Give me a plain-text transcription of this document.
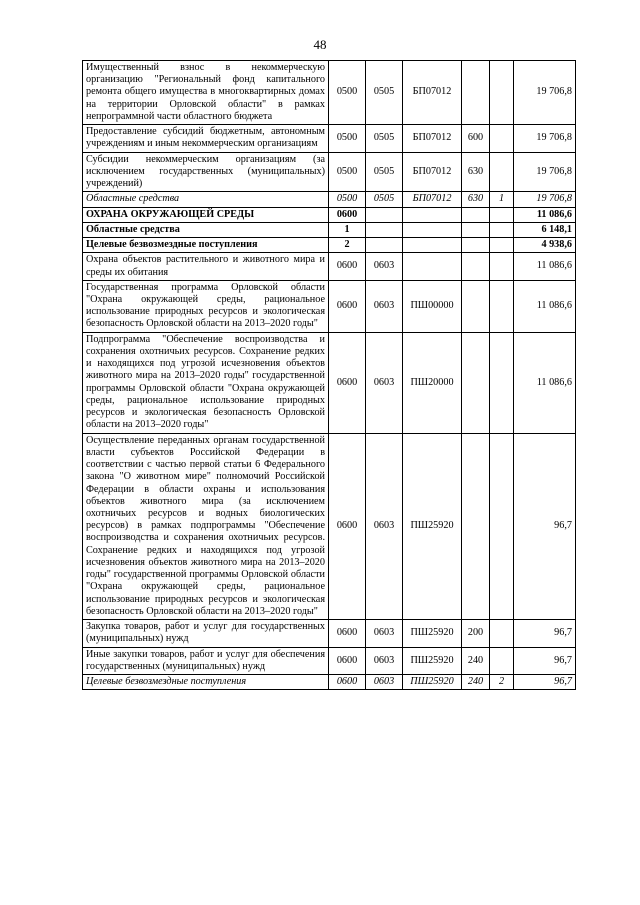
48
Имущественный взнос в некоммерческую организацию "Региональный фонд капитального ремонта общего имущества в многоквартирных домах на территории Орловской области" в рамках непрограммной части областного бюджета	0500	0505	БП07012			19 706,8
Предоставление субсидий бюджетным, автономным учреждениям и иным некоммерческим организациям	0500	0505	БП07012	600		19 706,8
Субсидии некоммерческим организациям (за исключением государственных (муниципальных) учреждений)	0500	0505	БП07012	630		19 706,8
Областные средства	0500	0505	БП07012	630	1	19 706,8
ОХРАНА ОКРУЖАЮЩЕЙ СРЕДЫ	0600					11 086,6
Областные средства	1					6 148,1
Целевые безвозмездные поступления	2					4 938,6
Охрана объектов растительного и животного мира и среды их обитания	0600	0603				11 086,6
Государственная программа Орловской области "Охрана окружающей среды, рациональное использование природных ресурсов и экологическая безопасность Орловской области на 2013–2020 годы"	0600	0603	ПШ00000			11 086,6
Подпрограмма "Обеспечение воспроизводства и сохранения охотничьих ресурсов. Сохранение редких и находящихся под угрозой исчезновения объектов животного мира на 2013–2020 годы" государственной программы Орловской области "Охрана окружающей среды, рациональное использование природных ресурсов и экологическая безопасность Орловской области на 2013–2020 годы"	0600	0603	ПШ20000			11 086,6
Осуществление переданных органам государственной власти субъектов Российской Федерации в соответствии с частью первой статьи 6 Федерального закона "О животном мире" полномочий Российской Федерации в области охраны и использования объектов животного мира (за исключением охотничьих ресурсов и водных биологических ресурсов) в рамках подпрограммы "Обеспечение воспроизводства и сохранения охотничьих ресурсов. Сохранение редких и находящихся под угрозой исчезновения объектов животного мира на 2013–2020 годы" государственной программы Орловской области "Охрана окружающей среды, рациональное использование природных ресурсов и экологическая безопасность Орловской области на 2013–2020 годы"	0600	0603	ПШ25920			96,7
Закупка товаров, работ и услуг для государственных (муниципальных) нужд	0600	0603	ПШ25920	200		96,7
Иные закупки товаров, работ и услуг для обеспечения государственных (муниципальных) нужд	0600	0603	ПШ25920	240		96,7
Целевые безвозмездные поступления	0600	0603	ПШ25920	240	2	96,7
